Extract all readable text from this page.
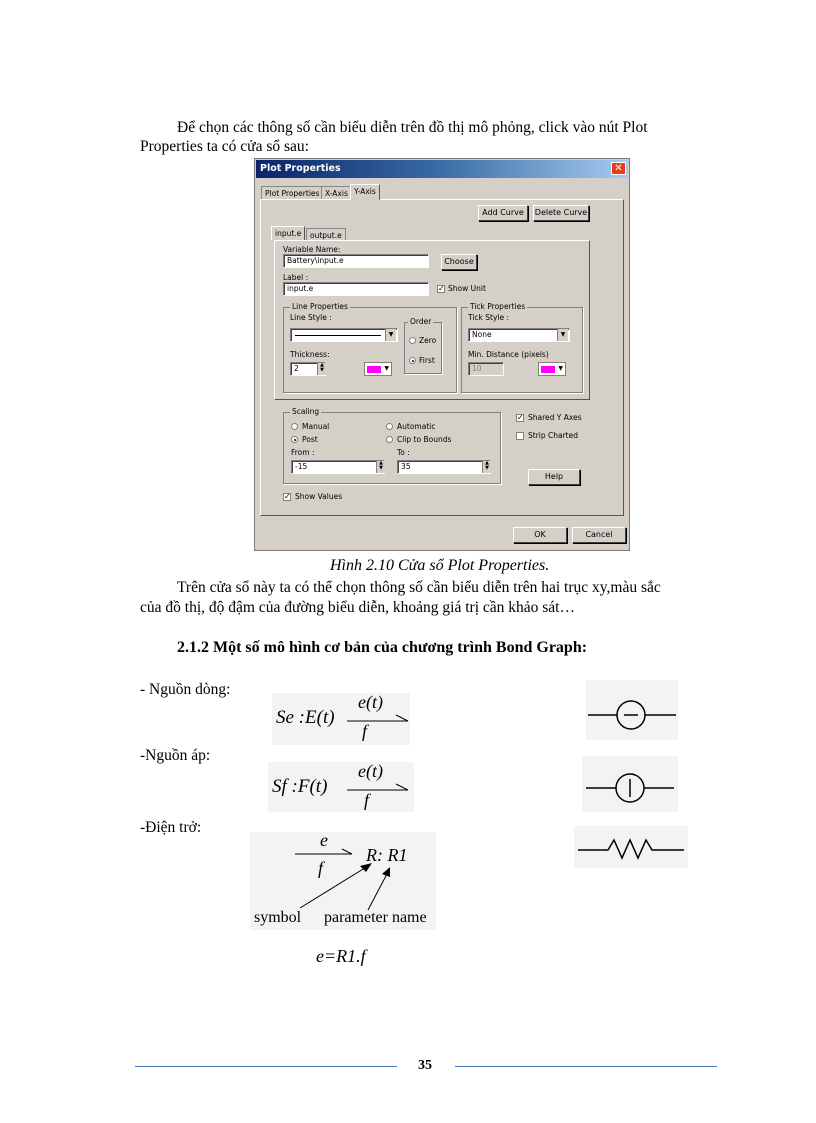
Để chọn các thông số cần biểu diễn trên đồ thị mô phỏng, click vào nút Plot
Properties ta có cửa sổ sau:
Plot Properties	✕
Plot Properties X-Axis Y-Axis
Add Curve	Delete Curve
input.e	output.e
Variable Name:
Battery\input.e	Choose
Label :
input.e	✓ Show Unit
Line Properties
Line Style :
▼
Thickness:
2	▲
▼	▼
Order
Zero
First
Tick Properties
Tick Style :
None	▼
Min. Distance (pixels)
10	▼
Scaling
Manual	Automatic
Post	Clip to Bounds
From :
-15	▲
▼
To :
35	▲
▼
✓ Shared Y Axes
Strip Charted
Help
✓ Show Values
OK	Cancel
Hình 2.10 Cửa sổ Plot Properties.
Trên cửa sổ này ta có thể chọn thông số cần biểu diễn trên hai trục xy,màu sắc
của đồ thị, độ đậm của đường biểu diễn, khoảng giá trị cần khảo sát…
2.1.2 Một số mô hình cơ bản của chương trình Bond Graph:
- Nguồn dòng:
Se :E(t)
e(t)
f
-Nguồn áp:
Sf :F(t)
e(t)
f
-Điện trở:
e
f
R: R1
symbol parameter name
e=R1.f
35
